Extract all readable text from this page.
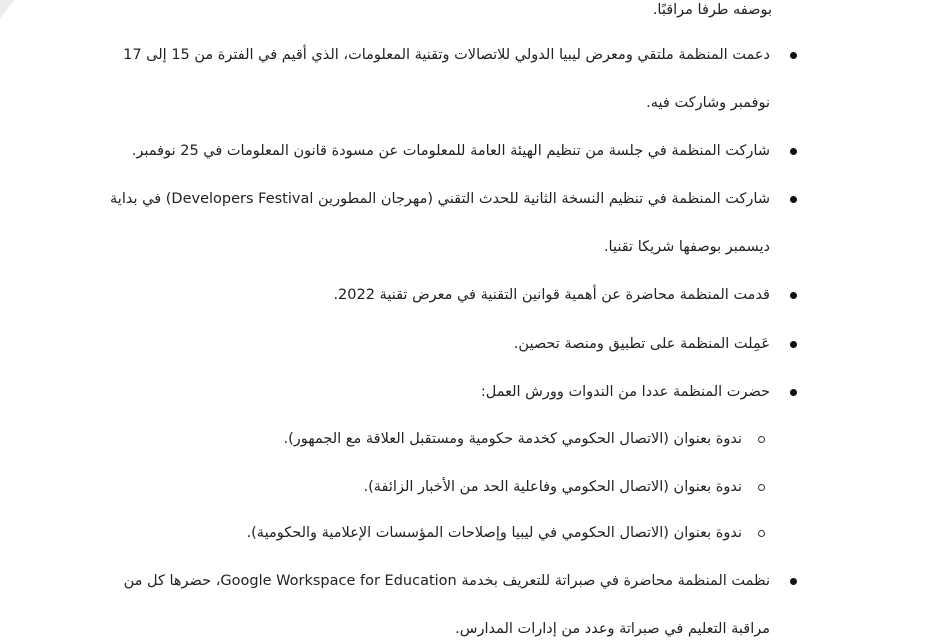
بوصفه طرفا مراقبًا.
دعمت المنظمة ملتقي ومعرض ليبيا الدولي للاتصالات وتقنية المعلومات، الذي أقيم في الفترة من 15 إلى 17
نوفمبر وشاركت فيه.
شاركت المنظمة في جلسة من تنظيم الهيئة العامة للمعلومات عن مسودة قانون المعلومات في 25 نوفمبر.
شاركت المنظمة في تنظيم النسخة الثانية للحدث التقني (مهرجان المطورين Developers Festival) في بداية
ديسمبر بوصفها شريكا تقنيا.
قدمت المنظمة محاضرة عن أهمية قوانين التقنية في معرض تقنية 2022.
عَمِلت المنظمة على تطبيق ومنصة تحصين.
حضرت المنظمة عددا من الندوات وورش العمل:
ندوة بعنوان (الاتصال الحكومي كخدمة حكومية ومستقبل العلاقة مع الجمهور).
ندوة بعنوان (الاتصال الحكومي وفاعلية الحد من الأخبار الزائفة).
ندوة بعنوان (الاتصال الحكومي في ليبيا وإصلاحات المؤسسات الإعلامية والحكومية).
نظمت المنظمة محاضرة في صبراتة للتعريف بخدمة Google Workspace for Education، حضرها كل من
مراقبة التعليم في صبراتة وعدد من إدارات المدارس.
